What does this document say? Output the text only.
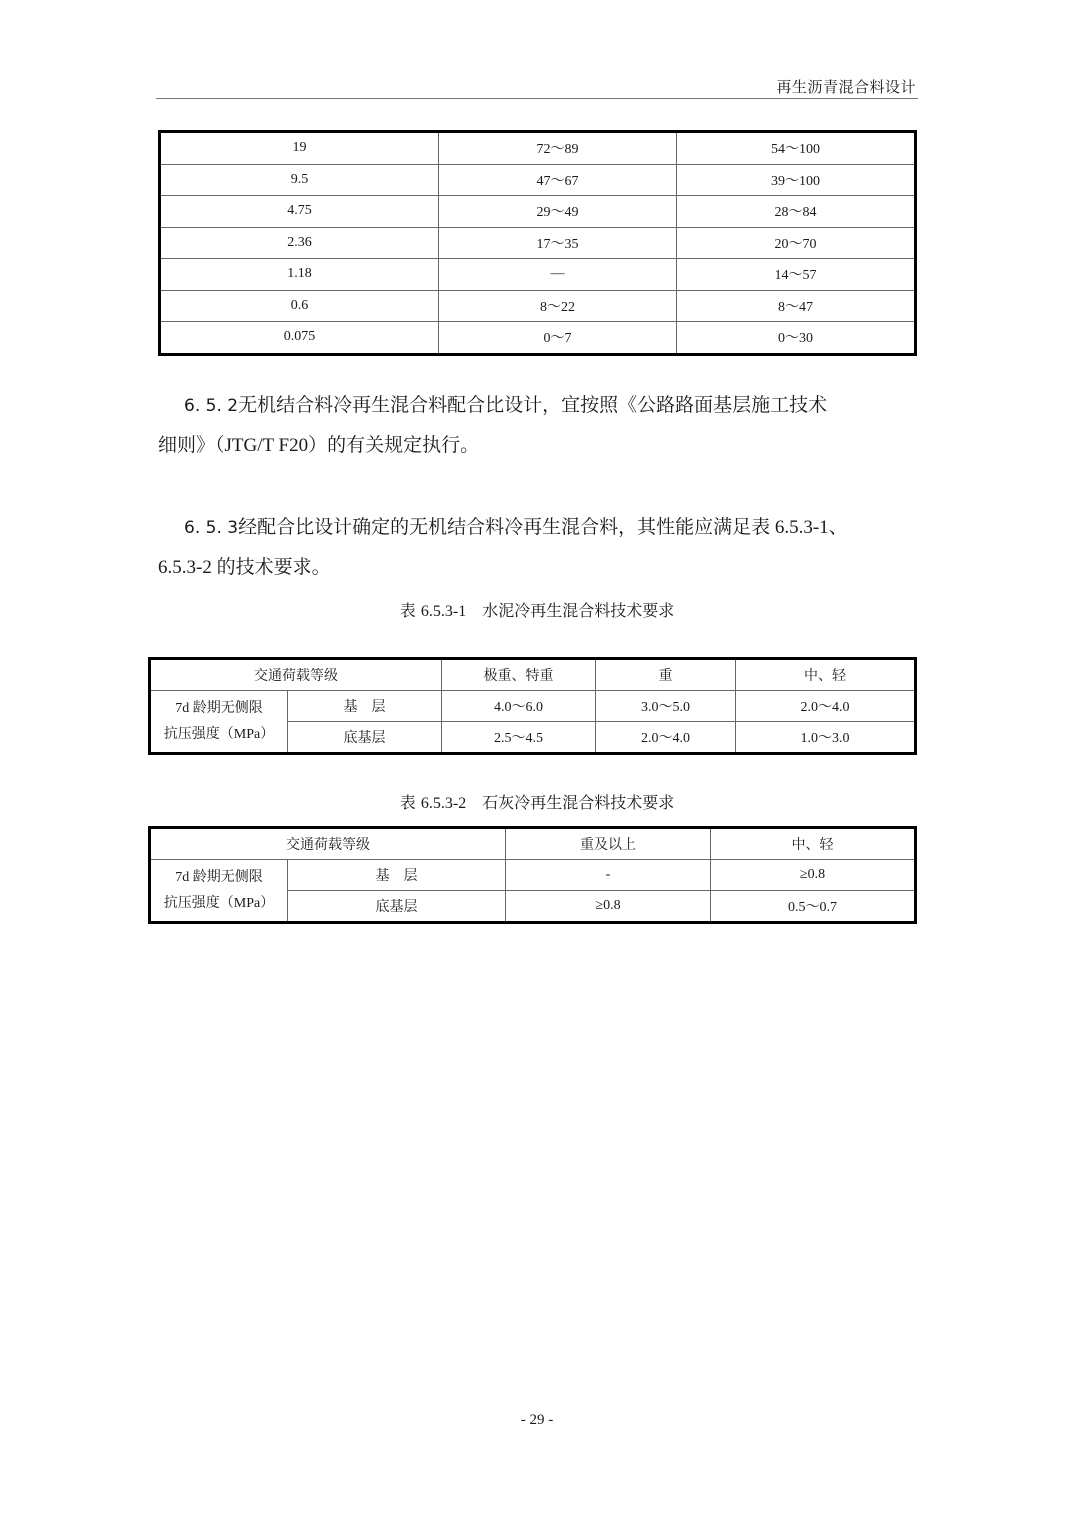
再生沥青混合料设计
19	72～89	54～100
9.5	47～67	39～100
4.75	29～49	28～84
2.36	17～35	20～70
1.18	—	14～57
0.6	8～22	8～47
0.075	0～7	0～30
6. 5. 2无机结合料冷再生混合料配合比设计，宜按照《公路路面基层施工技术
细则》（JTG/T F20）的有关规定执行。
6. 5. 3经配合比设计确定的无机结合料冷再生混合料，其性能应满足表 6.5.3-1、
6.5.3-2 的技术要求。
表 6.5.3-1　 水泥冷再生混合料技术要求
交通荷载等级		极重、特重	重	中、轻

7d 龄期无侧限
抗压强度（MPa）	基　层	4.0～6.0	3.0～5.0	2.0～4.0
	底基层	2.5～4.5	2.0～4.0	1.0～3.0
表 6.5.3-2　 石灰冷再生混合料技术要求
交通荷载等级		重及以上	中、轻

7d 龄期无侧限
抗压强度（MPa）	基　层	-	≥0.8
	底基层	≥0.8	0.5～0.7
- 29 -
